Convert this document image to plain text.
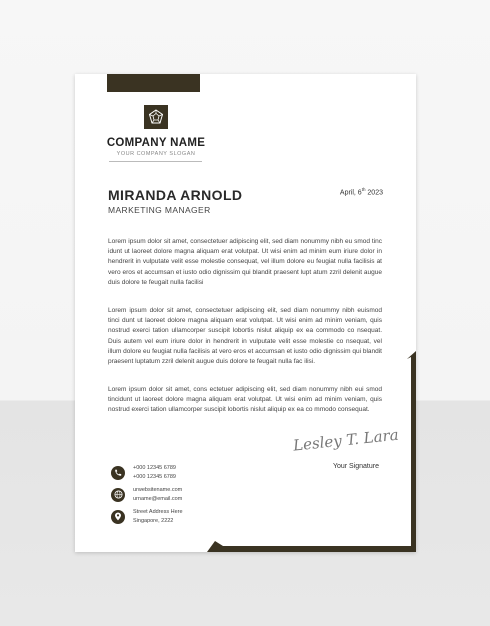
COMPANY NAME
YOUR COMPANY SLOGAN
MIRANDA ARNOLD
MARKETING MANAGER
April, 6th 2023

Lorem ipsum dolor sit amet, consectetuer adipiscing elit, sed diam nonummy nibh eu smod tinc idunt ut laoreet dolore magna aliquam erat volutpat. Ut wisi enim ad minim eum iriure dolor in hendrerit in vulputate velit esse molestie consequat, vel illum dolore eu feugiat nulla facilisis at vero eros et accumsan et iusto odio dignissim qui blandit praesent lupt atum zzril delenit augue duis dolore te feugait nulla facilisi

Lorem ipsum dolor sit amet, consectetuer adipiscing elit, sed diam nonummy nibh euismod tinci dunt ut laoreet dolore magna aliquam erat volutpat. Ut wisi enim ad minim veniam, quis nostrud exerci tation ullamcorper suscipit lobortis nislut aliquip ex ea commodo co nsequat. Duis autem vel eum iriure dolor in hendrerit in vulputate velit esse molestie co nsequat, vel illum dolore eu feugiat nulla facilisis at vero eros et accumsan et iusto odio dignissim qui blandit praesent luptatum zzril delenit augue duis dolore te feugait nulla fac ilisi.

Lorem ipsum dolor sit amet, cons ectetuer adipiscing elit, sed diam nonummy nibh eui smod tincidunt ut laoreet dolore magna aliquam erat volutpat. Ut wisi enim ad minim veniam, quis nostrud exerci tation ullamcorper suscipit lobortis nislut aliquip ex ea co mmodo consequat.

Lesley T. Lara
Your Signature
+000 12345 6789
+000 12345 6789
urwebsitename.com
urname@email.com
Street Address Here
Singapore, 2222
